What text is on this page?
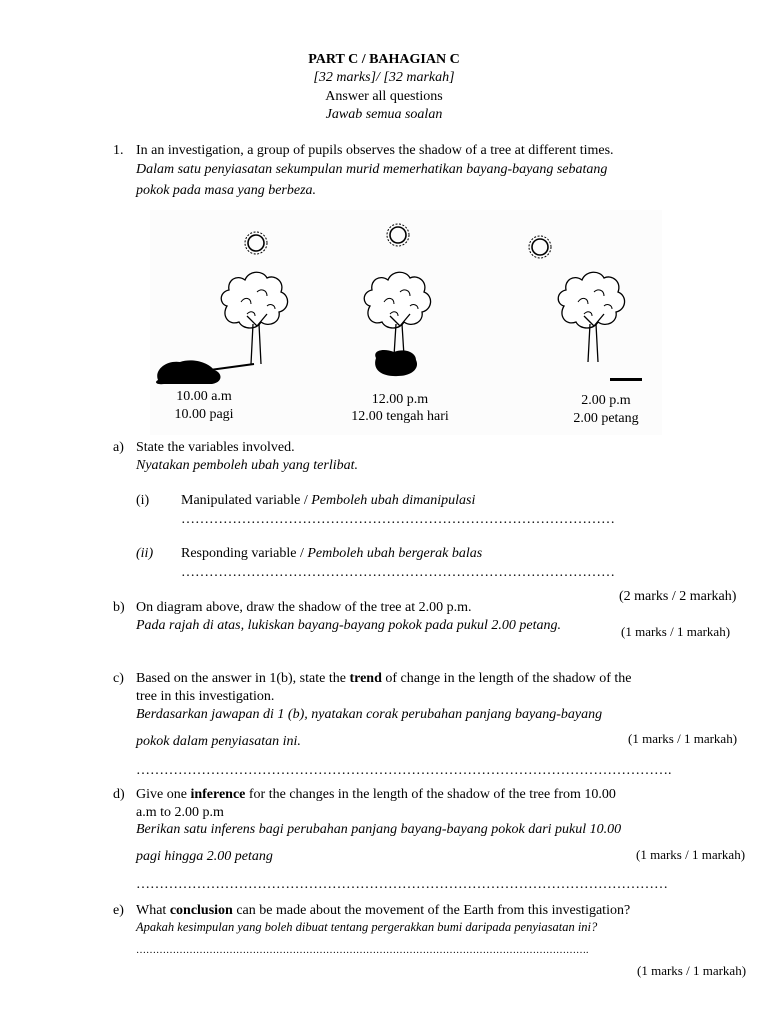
PART C / BAHAGIAN C
[32 marks]/ [32 markah]
Answer all questions
Jawab semua soalan
1. In an investigation, a group of pupils observes the shadow of a tree at different times.
Dalam satu penyiasatan sekumpulan murid memerhatikan bayang-bayang sebatang
pokok pada masa yang berbeza.
10.00 a.m
10.00 pagi
12.00 p.m
12.00 tengah hari
2.00 p.m
2.00 petang
a) State the variables involved.
Nyatakan pemboleh ubah yang terlibat.
(i) Manipulated variable / Pemboleh ubah dimanipulasi
…………………………………………………………………………………
(ii) Responding variable / Pemboleh ubah bergerak balas
…………………………………………………………………………………
(2 marks / 2 markah)
b) On diagram above, draw the shadow of the tree at 2.00 p.m.
Pada rajah di atas, lukiskan bayang-bayang pokok pada pukul 2.00 petang.	(1 marks / 1 markah)
c) Based on the answer in 1(b), state the trend of change in the length of the shadow of the
tree in this investigation.
Berdasarkan jawapan di 1 (b), nyatakan corak perubahan panjang bayang-bayang
pokok dalam penyiasatan ini.	(1 marks / 1 markah)
…………………………………………………………………………………………………….
d) Give one inference for the changes in the length of the shadow of the tree from 10.00
a.m to 2.00 p.m
Berikan satu inferens bagi perubahan panjang bayang-bayang pokok dari pukul 10.00
pagi hingga 2.00 petang	(1 marks / 1 markah)
……………………………………………………………………………………………………
e) What conclusion can be made about the movement of the Earth from this investigation?
Apakah kesimpulan yang boleh dibuat tentang pergerakkan bumi daripada penyiasatan ini?
……………………………………………………………………………………………………………………….
(1 marks / 1 markah)
